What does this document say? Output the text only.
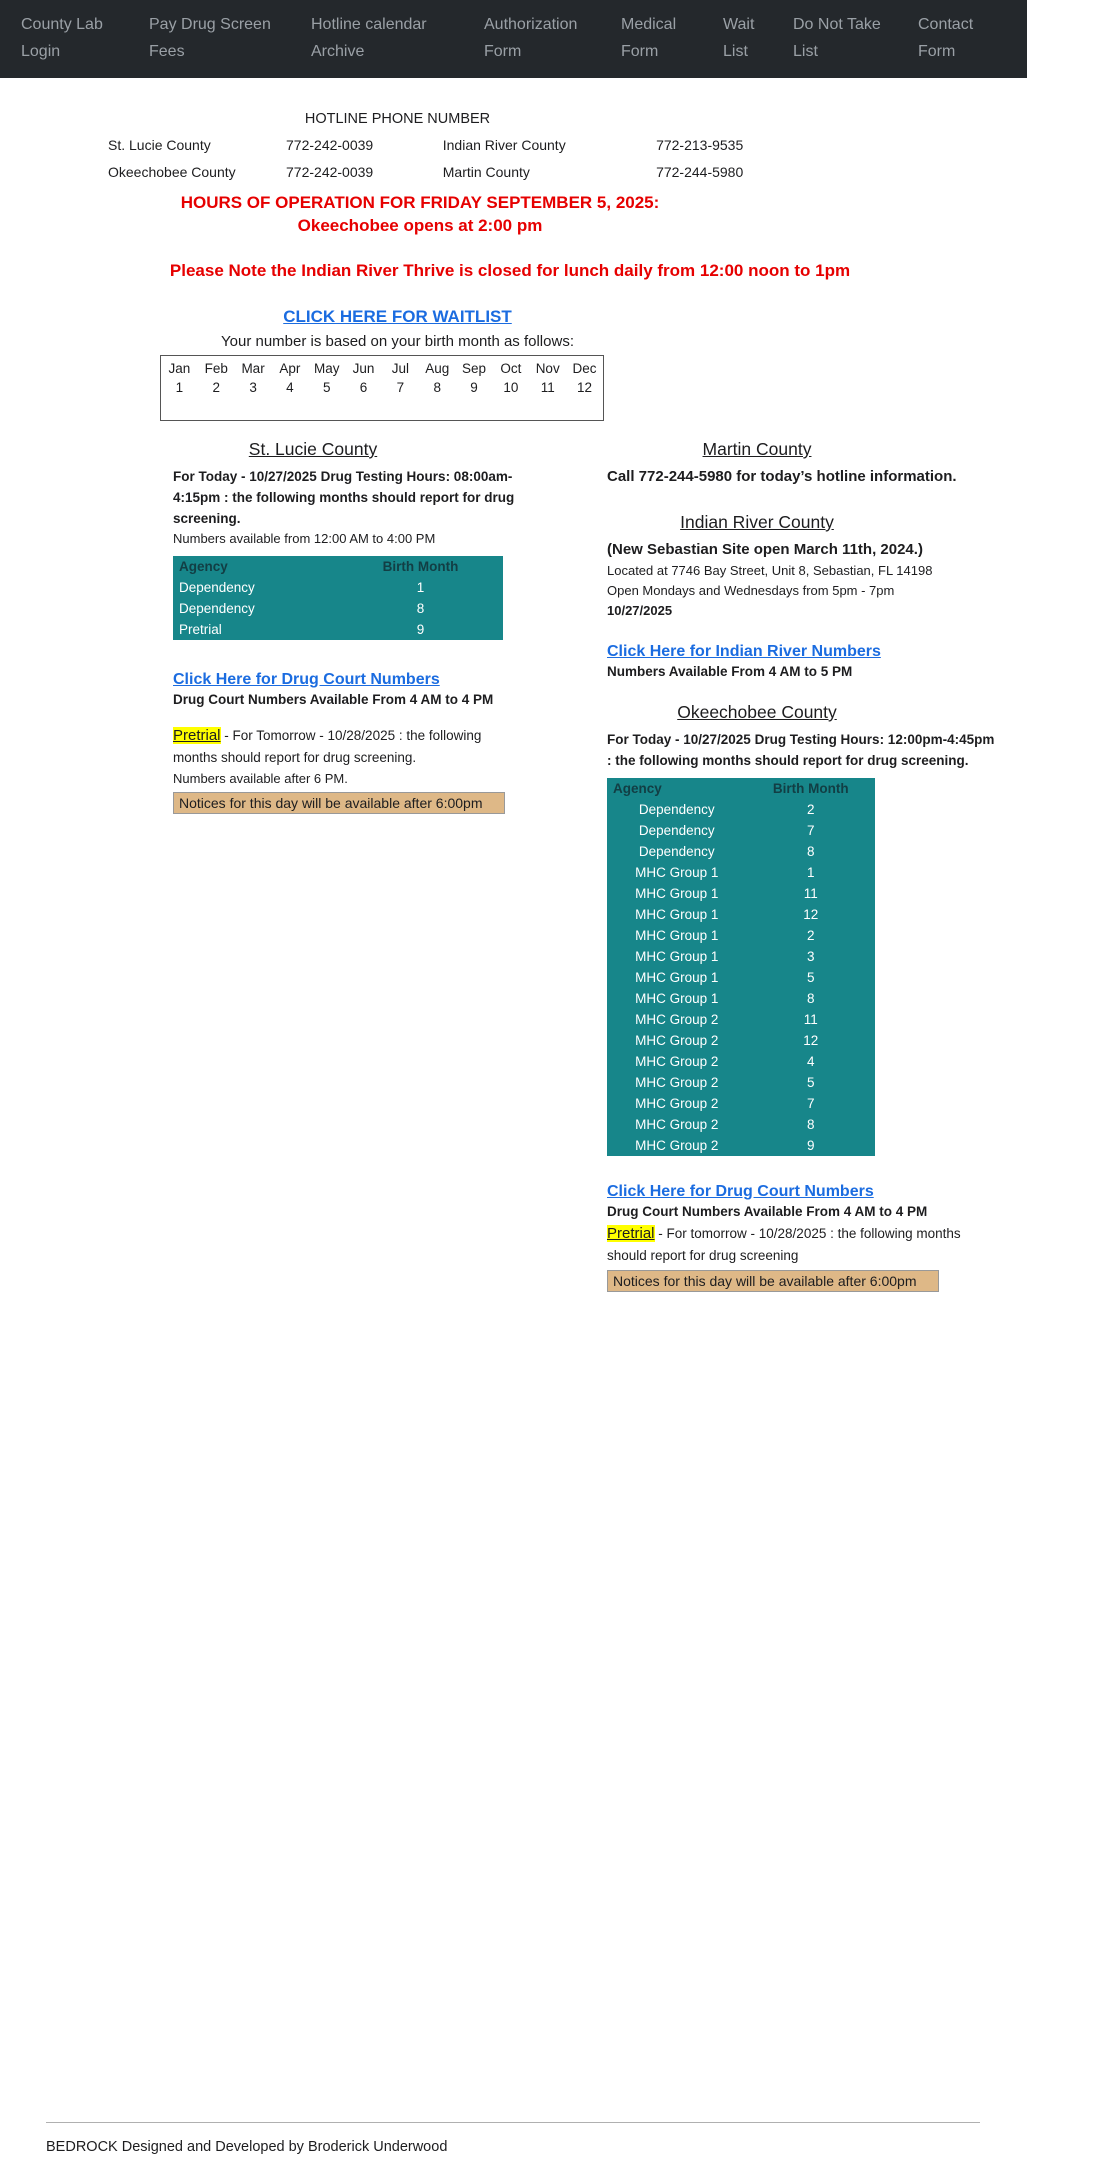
County Lab Login
Pay Drug Screen Fees
Hotline calendar Archive
Authorization Form
Medical Form
Wait List
Do Not Take List
Contact Form
HOTLINE PHONE NUMBER
St. Lucie County	772-242-0039	Indian River County	772-213-9535
Okeechobee County	772-242-0039	Martin County	772-244-5980
HOURS OF OPERATION FOR FRIDAY SEPTEMBER 5, 2025:
Okeechobee opens at 2:00 pm
Please Note the Indian River Thrive is closed for lunch daily from 12:00 noon to 1pm
CLICK HERE FOR WAITLIST
Your number is based on your birth month as follows:
Jan	Feb	Mar	Apr	May	Jun	Jul	Aug	Sep	Oct	Nov	Dec
1	2	3	4	5	6	7	8	9	10	11	12
St. Lucie County

For Today - 10/27/2025 Drug Testing Hours: 08:00am-4:15pm : the following months should report for drug screening.

Numbers available from 12:00 AM to 4:00 PM

Agency	Birth Month
Dependency	1
Dependency	8
Pretrial	9
Click Here for Drug Court Numbers

Drug Court Numbers Available From 4 AM to 4 PM

Pretrial - For Tomorrow - 10/28/2025 : the following months should report for drug screening.

Numbers available after 6 PM.

Notices for this day will be available after 6:00pm
Martin County

Call 772-244-5980 for today’s hotline information.

Indian River County

(New Sebastian Site open March 11th, 2024.)

Located at 7746 Bay Street, Unit 8, Sebastian, FL 14198

Open Mondays and Wednesdays from 5pm - 7pm

10/27/2025

Click Here for Indian River Numbers

Numbers Available From 4 AM to 5 PM

Okeechobee County

For Today - 10/27/2025 Drug Testing Hours: 12:00pm-4:45pm : the following months should report for drug screening.

Agency	Birth Month
Dependency	2
Dependency	7
Dependency	8
MHC Group 1	1
MHC Group 1	11
MHC Group 1	12
MHC Group 1	2
MHC Group 1	3
MHC Group 1	5
MHC Group 1	8
MHC Group 2	11
MHC Group 2	12
MHC Group 2	4
MHC Group 2	5
MHC Group 2	7
MHC Group 2	8
MHC Group 2	9
Click Here for Drug Court Numbers

Drug Court Numbers Available From 4 AM to 4 PM

Pretrial - For tomorrow - 10/28/2025 : the following months should report for drug screening

Notices for this day will be available after 6:00pm
BEDROCK Designed and Developed by Broderick Underwood
